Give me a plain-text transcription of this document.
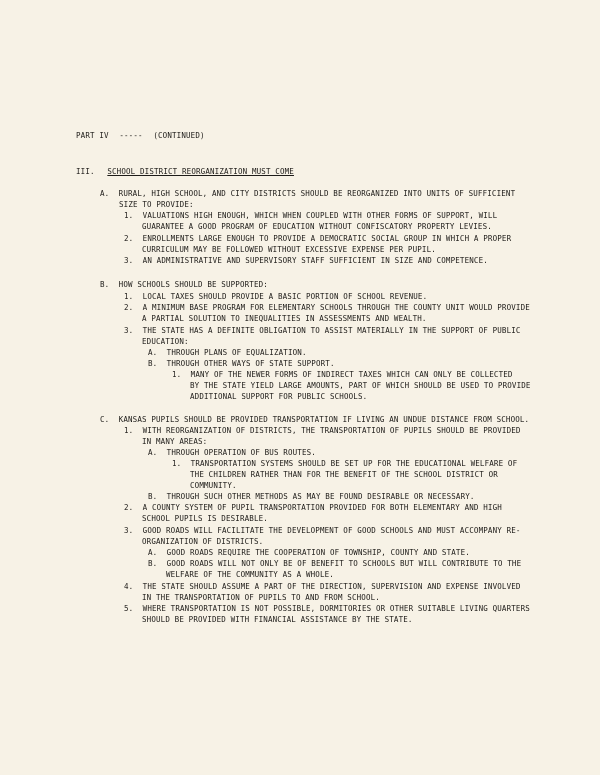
PART IV ----- (CONTINUED)
III. SCHOOL DISTRICT REORGANIZATION MUST COME
A. RURAL, HIGH SCHOOL, AND CITY DISTRICTS SHOULD BE REORGANIZED INTO UNITS OF SUFFICIENT
SIZE TO PROVIDE:
1. VALUATIONS HIGH ENOUGH, WHICH WHEN COUPLED WITH OTHER FORMS OF SUPPORT, WILL
GUARANTEE A GOOD PROGRAM OF EDUCATION WITHOUT CONFISCATORY PROPERTY LEVIES.
2. ENROLLMENTS LARGE ENOUGH TO PROVIDE A DEMOCRATIC SOCIAL GROUP IN WHICH A PROPER
CURRICULUM MAY BE FOLLOWED WITHOUT EXCESSIVE EXPENSE PER PUPIL.
3. AN ADMINISTRATIVE AND SUPERVISORY STAFF SUFFICIENT IN SIZE AND COMPETENCE.
B. HOW SCHOOLS SHOULD BE SUPPORTED:
1. LOCAL TAXES SHOULD PROVIDE A BASIC PORTION OF SCHOOL REVENUE.
2. A MINIMUM BASE PROGRAM FOR ELEMENTARY SCHOOLS THROUGH THE COUNTY UNIT WOULD PROVIDE
A PARTIAL SOLUTION TO INEQUALITIES IN ASSESSMENTS AND WEALTH.
3. THE STATE HAS A DEFINITE OBLIGATION TO ASSIST MATERIALLY IN THE SUPPORT OF PUBLIC
EDUCATION:
A. THROUGH PLANS OF EQUALIZATION.
B. THROUGH OTHER WAYS OF STATE SUPPORT.
1. MANY OF THE NEWER FORMS OF INDIRECT TAXES WHICH CAN ONLY BE COLLECTED
BY THE STATE YIELD LARGE AMOUNTS, PART OF WHICH SHOULD BE USED TO PROVIDE
ADDITIONAL SUPPORT FOR PUBLIC SCHOOLS.
C. KANSAS PUPILS SHOULD BE PROVIDED TRANSPORTATION IF LIVING AN UNDUE DISTANCE FROM SCHOOL.
1. WITH REORGANIZATION OF DISTRICTS, THE TRANSPORTATION OF PUPILS SHOULD BE PROVIDED
IN MANY AREAS:
A. THROUGH OPERATION OF BUS ROUTES.
1. TRANSPORTATION SYSTEMS SHOULD BE SET UP FOR THE EDUCATIONAL WELFARE OF
THE CHILDREN RATHER THAN FOR THE BENEFIT OF THE SCHOOL DISTRICT OR
COMMUNITY.
B. THROUGH SUCH OTHER METHODS AS MAY BE FOUND DESIRABLE OR NECESSARY.
2. A COUNTY SYSTEM OF PUPIL TRANSPORTATION PROVIDED FOR BOTH ELEMENTARY AND HIGH
SCHOOL PUPILS IS DESIRABLE.
3. GOOD ROADS WILL FACILITATE THE DEVELOPMENT OF GOOD SCHOOLS AND MUST ACCOMPANY RE-
ORGANIZATION OF DISTRICTS.
A. GOOD ROADS REQUIRE THE COOPERATION OF TOWNSHIP, COUNTY AND STATE.
B. GOOD ROADS WILL NOT ONLY BE OF BENEFIT TO SCHOOLS BUT WILL CONTRIBUTE TO THE
WELFARE OF THE COMMUNITY AS A WHOLE.
4. THE STATE SHOULD ASSUME A PART OF THE DIRECTION, SUPERVISION AND EXPENSE INVOLVED
IN THE TRANSPORTATION OF PUPILS TO AND FROM SCHOOL.
5. WHERE TRANSPORTATION IS NOT POSSIBLE, DORMITORIES OR OTHER SUITABLE LIVING QUARTERS
SHOULD BE PROVIDED WITH FINANCIAL ASSISTANCE BY THE STATE.
